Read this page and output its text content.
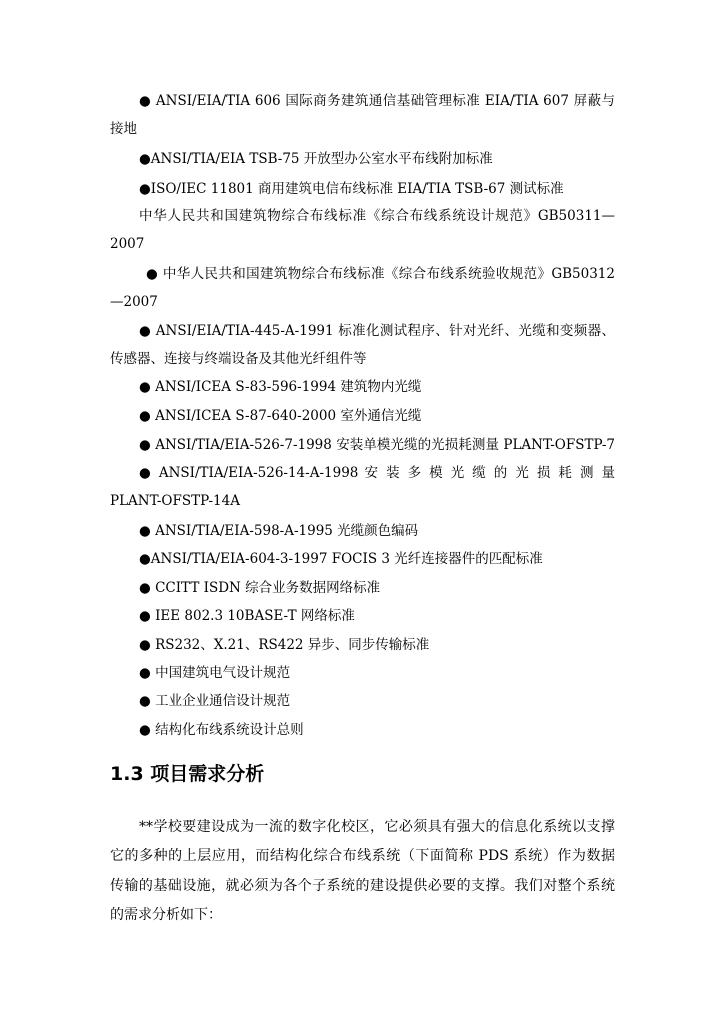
● ANSI/EIA/TIA 606 国际商务建筑通信基础管理标准 EIA/TIA 607 屏蔽与
接地
●ANSI/TIA/EIA TSB-75 开放型办公室水平布线附加标准
●ISO/IEC 11801 商用建筑电信布线标准 EIA/TIA TSB-67 测试标准
中华人民共和国建筑物综合布线标准《综合布线系统设计规范》GB50311—
2007
● 中华人民共和国建筑物综合布线标准《综合布线系统验收规范》GB50312
—2007
● ANSI/EIA/TIA-445-A-1991 标准化测试程序、针对光纤、光缆和变频器、
传感器、连接与终端设备及其他光纤组件等
● ANSI/ICEA S-83-596-1994 建筑物内光缆
● ANSI/ICEA S-87-640-2000 室外通信光缆
● ANSI/TIA/EIA-526-7-1998 安装单模光缆的光损耗测量 PLANT-OFSTP-7
● ANSI/TIA/EIA-526-14-A-1998 安 装 多 模 光 缆 的 光 损 耗 测 量
PLANT-OFSTP-14A
● ANSI/TIA/EIA-598-A-1995 光缆颜色编码
●ANSI/TIA/EIA-604-3-1997 FOCIS 3 光纤连接器件的匹配标准
● CCITT ISDN 综合业务数据网络标准
● IEE 802.3 10BASE-T 网络标准
● RS232、X.21、RS422 异步、同步传输标准
● 中国建筑电气设计规范
● 工业企业通信设计规范
● 结构化布线系统设计总则
1.3 项目需求分析
**学校要建设成为一流的数字化校区，它必须具有强大的信息化系统以支撑
它的多种的上层应用，而结构化综合布线系统（下面简称 PDS 系统）作为数据
传输的基础设施，就必须为各个子系统的建设提供必要的支撑。我们对整个系统
的需求分析如下：
